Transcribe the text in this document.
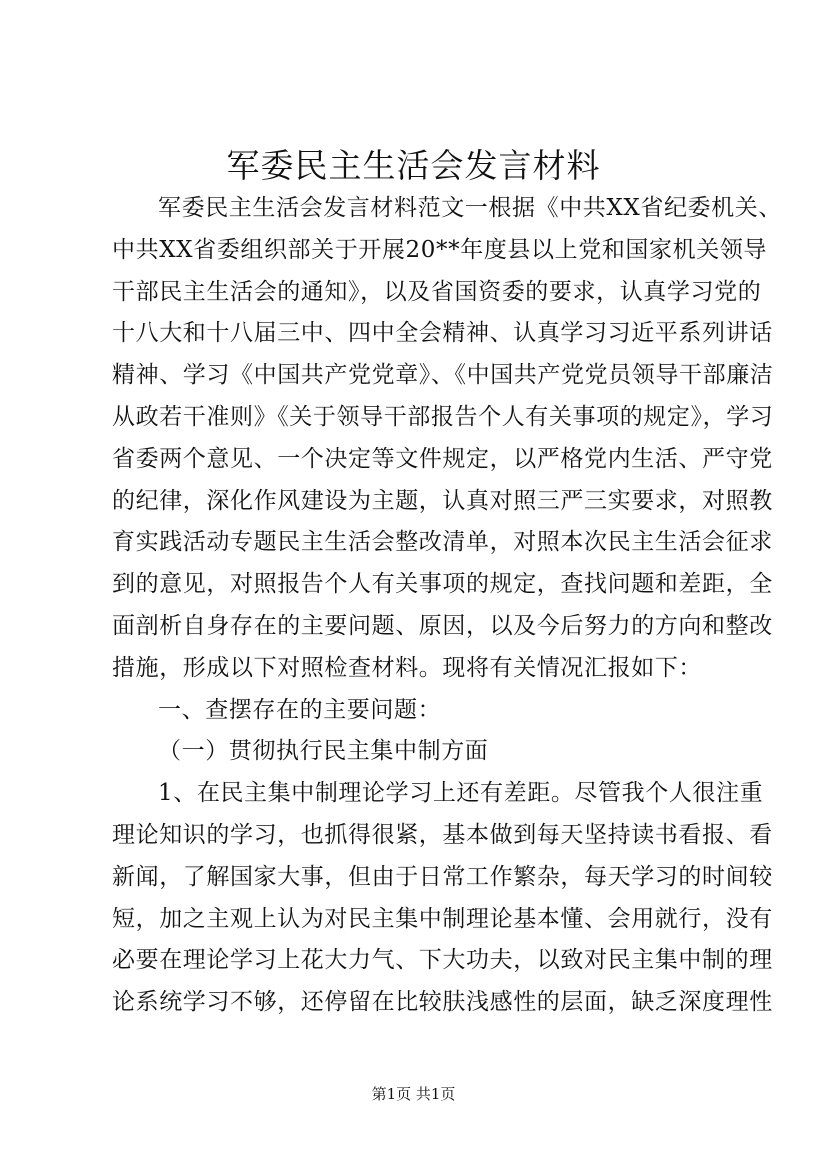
军委民主生活会发言材料
军委民主生活会发言材料范文一根据《中共XX省纪委机关、
中共XX省委组织部关于开展20**年度县以上党和国家机关领导
干部民主生活会的通知》，以及省国资委的要求，认真学习党的
十八大和十八届三中、四中全会精神、认真学习习近平系列讲话
精神、学习《中国共产党党章》、《中国共产党党员领导干部廉洁
从政若干准则》《关于领导干部报告个人有关事项的规定》，学习
省委两个意见、一个决定等文件规定，以严格党内生活、严守党
的纪律，深化作风建设为主题，认真对照三严三实要求，对照教
育实践活动专题民主生活会整改清单，对照本次民主生活会征求
到的意见，对照报告个人有关事项的规定，查找问题和差距，全
面剖析自身存在的主要问题、原因，以及今后努力的方向和整改
措施，形成以下对照检查材料。现将有关情况汇报如下：
一、查摆存在的主要问题：
（一）贯彻执行民主集中制方面
1、在民主集中制理论学习上还有差距。尽管我个人很注重
理论知识的学习，也抓得很紧，基本做到每天坚持读书看报、看
新闻，了解国家大事，但由于日常工作繁杂，每天学习的时间较
短，加之主观上认为对民主集中制理论基本懂、会用就行，没有
必要在理论学习上花大力气、下大功夫，以致对民主集中制的理
论系统学习不够，还停留在比较肤浅感性的层面，缺乏深度理性
第1页 共1页
